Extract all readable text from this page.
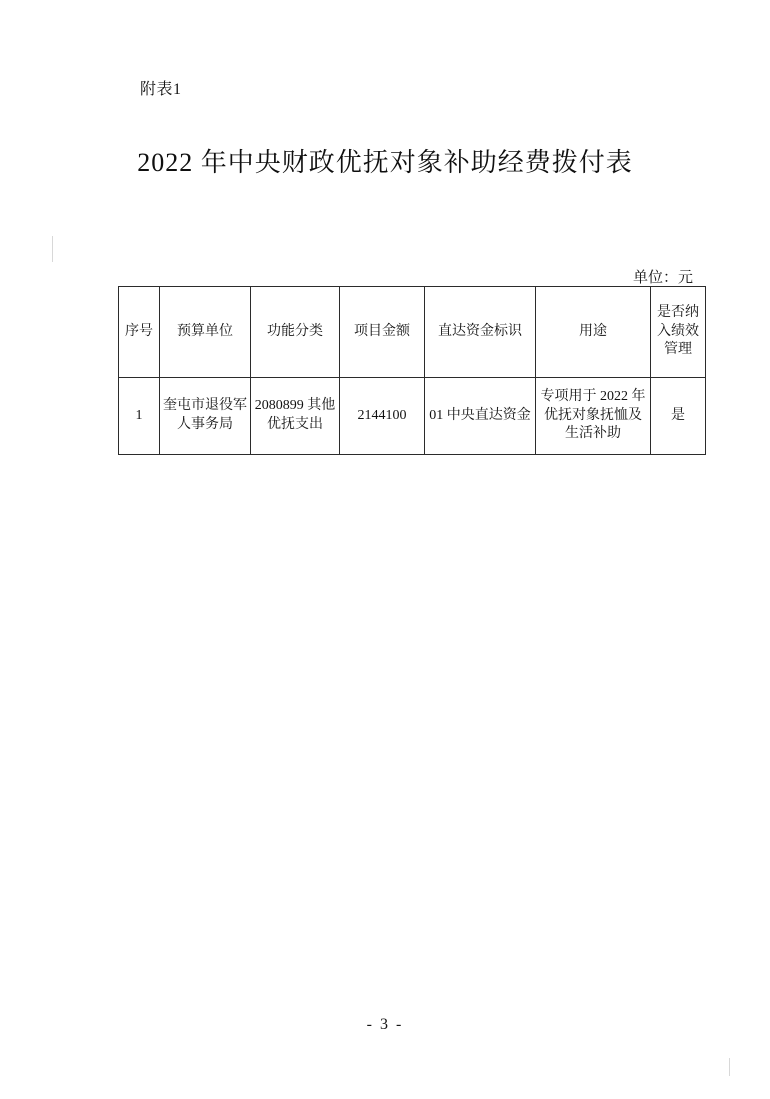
附表1
2022 年中央财政优抚对象补助经费拨付表
单位：元
序号	预算单位	功能分类	项目金额	直达资金标识	用途	是否纳入绩效管理
1	奎屯市退役军人事务局	2080899 其他优抚支出	2144100	01 中央直达资金	专项用于 2022 年优抚对象抚恤及生活补助	是
- 3 -
